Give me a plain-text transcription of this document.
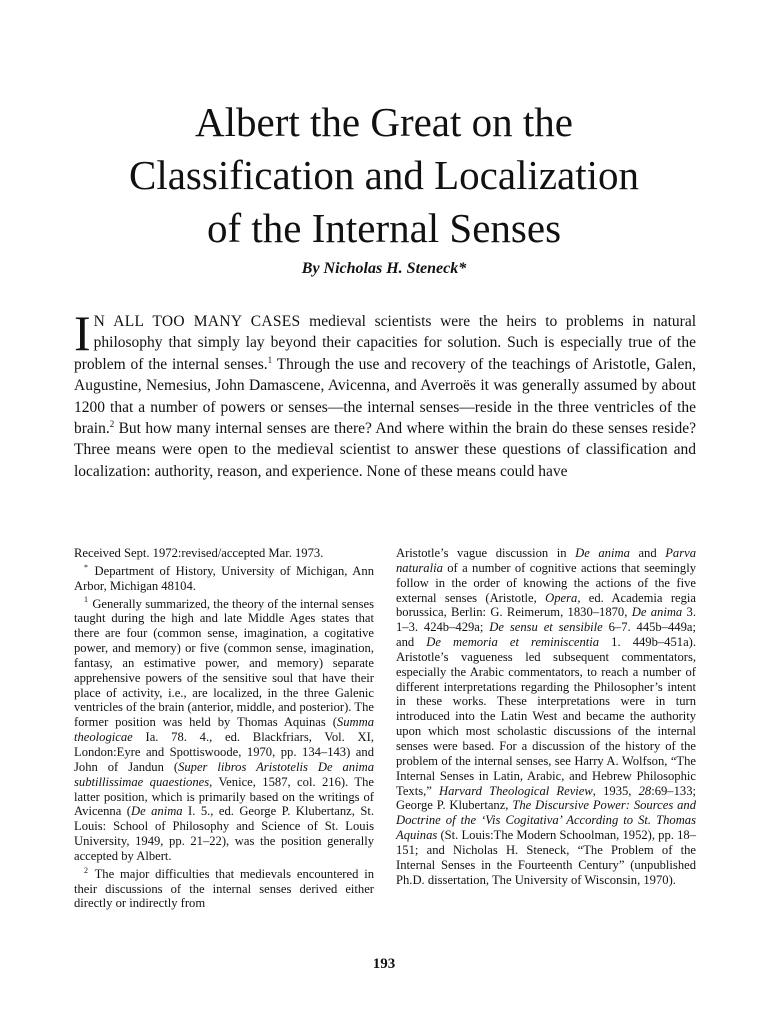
Albert the Great on the
Classification and Localization
of the Internal Senses
By Nicholas H. Steneck*

I N ALL TOO MANY CASES medieval scientists were the heirs to problems in natural philosophy that simply lay beyond their capacities for solution. Such is especially true of the problem of the internal senses.$^1$ Through the use and recovery of the teachings of Aristotle, Galen, Augustine, Nemesius, John Damascene, Avicenna, and Averroës it was generally assumed by about 1200 that a number of powers or senses—the internal senses—reside in the three ventricles of the brain.$^2$ But how many internal senses are there? And where within the brain do these senses reside? Three means were open to the medieval scientist to answer these questions of classification and localization: authority, reason, and experience. None of these means could have

Received Sept. 1972:revised/accepted Mar. 1973.

* Department of History, University of Michigan, Ann Arbor, Michigan 48104.

$^1$ Generally summarized, the theory of the internal senses taught during the high and late Middle Ages states that there are four (common sense, imagination, a cogitative power, and memory) or five (common sense, imagination, fantasy, an estimative power, and memory) separate apprehensive powers of the sensitive soul that have their place of activity, i.e., are localized, in the three Galenic ventricles of the brain (anterior, middle, and posterior). The former position was held by Thomas Aquinas (Summa theologicae Ia. 78. 4., ed. Blackfriars, Vol. XI, London:Eyre and Spottiswoode, 1970, pp. 134–143) and John of Jandun (Super libros Aristotelis De anima subtillissimae quaestiones, Venice, 1587, col. 216). The latter position, which is primarily based on the writings of Avicenna (De anima I. 5., ed. George P. Klubertanz, St. Louis: School of Philosophy and Science of St. Louis University, 1949, pp. 21–22), was the position generally accepted by Albert.

$^2$ The major difficulties that medievals encountered in their discussions of the internal senses derived either directly or indirectly from

Aristotle’s vague discussion in De anima and Parva naturalia of a number of cognitive actions that seemingly follow in the order of knowing the actions of the five external senses (Aristotle, Opera, ed. Academia regia borussica, Berlin: G. Reimerum, 1830–1870, De anima 3. 1–3. 424b–429a; De sensu et sensibile 6–7. 445b–449a; and De memoria et reminiscentia 1. 449b–451a). Aristotle’s vagueness led subsequent commentators, especially the Arabic commentators, to reach a number of different interpretations regarding the Philosopher’s intent in these works. These interpretations were in turn introduced into the Latin West and became the authority upon which most scholastic discussions of the internal senses were based. For a discussion of the history of the problem of the internal senses, see Harry A. Wolfson, “The Internal Senses in Latin, Arabic, and Hebrew Philosophic Texts,” Harvard Theological Review, 1935, 28:69–133; George P. Klubertanz, The Discursive Power: Sources and Doctrine of the ‘Vis Cogitativa’ According to St. Thomas Aquinas (St. Louis:The Modern Schoolman, 1952), pp. 18–151; and Nicholas H. Steneck, “The Problem of the Internal Senses in the Fourteenth Century” (unpublished Ph.D. dissertation, The University of Wisconsin, 1970).

193
